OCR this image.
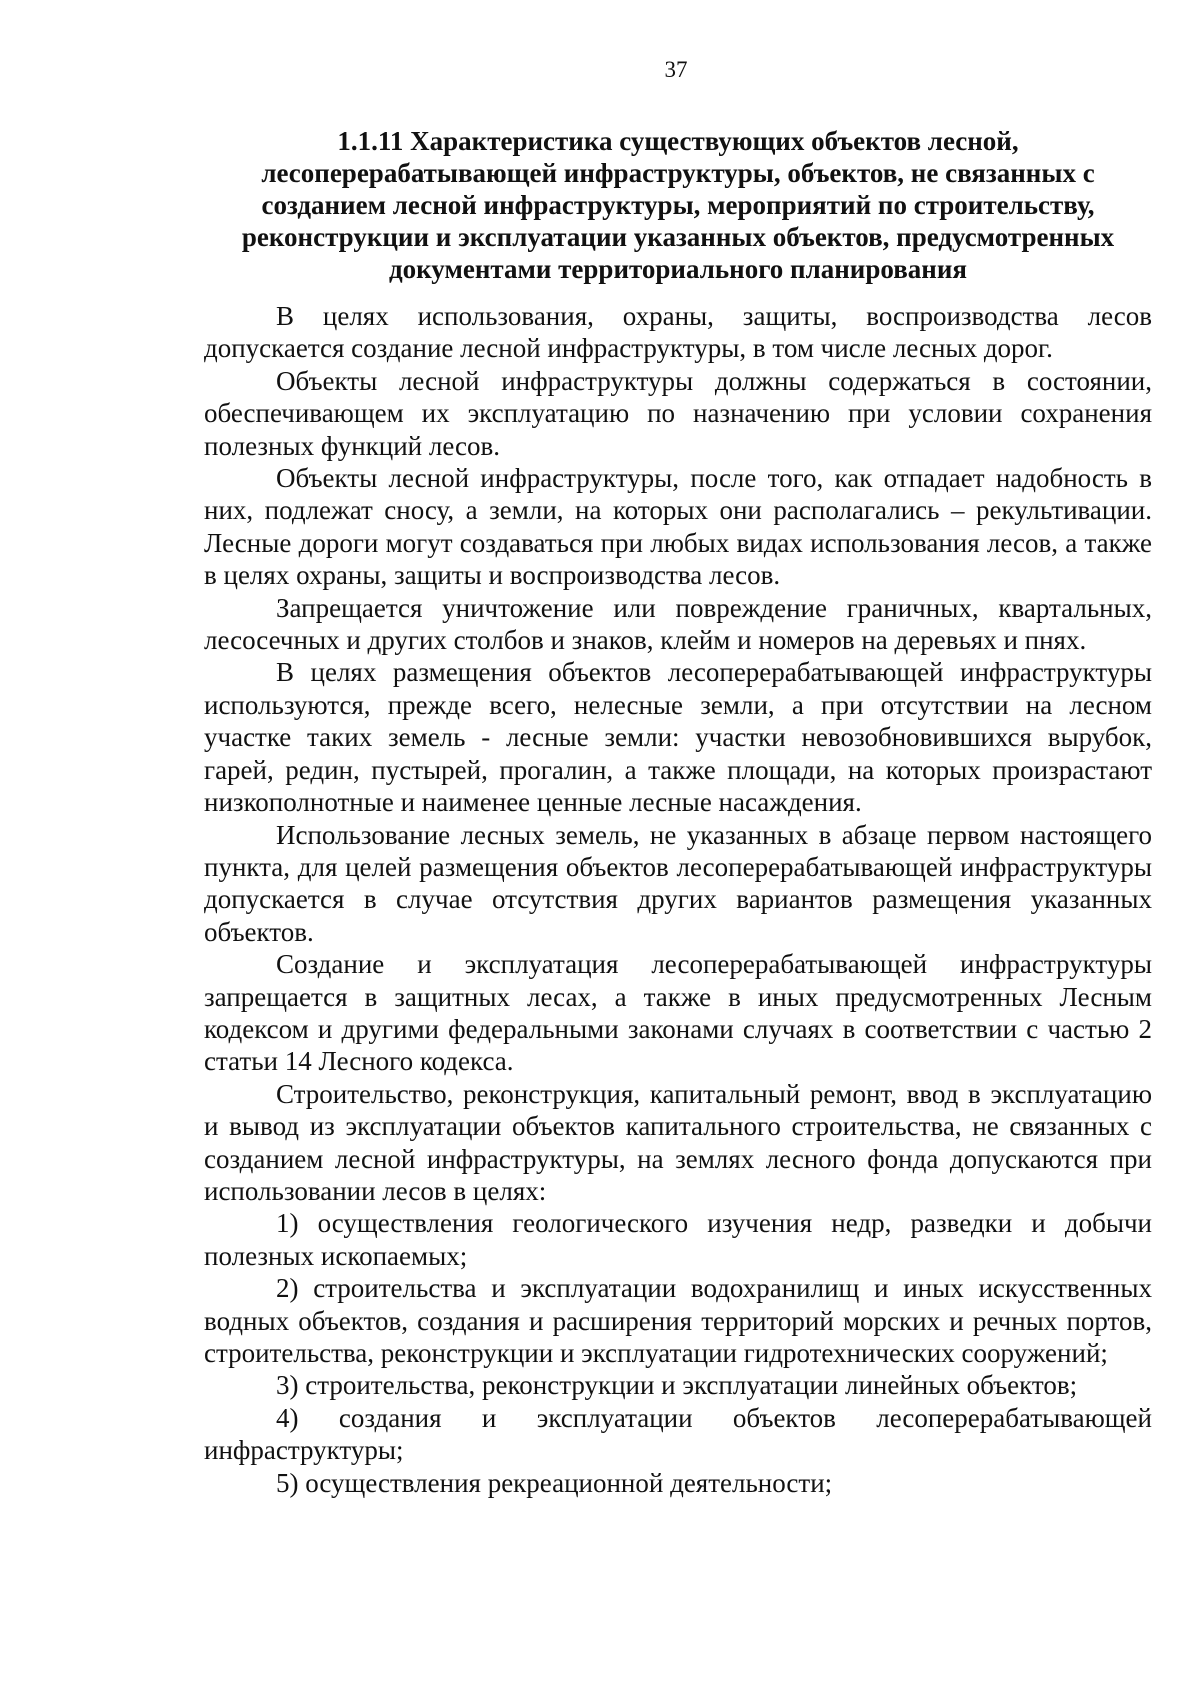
37
1.1.11 Характеристика существующих объектов лесной, лесоперерабатывающей инфраструктуры, объектов, не связанных с созданием лесной инфраструктуры, мероприятий по строительству, реконструкции и эксплуатации указанных объектов, предусмотренных документами территориального планирования

В целях использования, охраны, защиты, воспроизводства лесов допускается создание лесной инфраструктуры, в том числе лесных дорог.

Объекты лесной инфраструктуры должны содержаться в состоянии, обеспечивающем их эксплуатацию по назначению при условии сохранения полезных функций лесов.

Объекты лесной инфраструктуры, после того, как отпадает надобность в них, подлежат сносу, а земли, на которых они располагались – рекультивации. Лесные дороги могут создаваться при любых видах использования лесов, а также в целях охраны, защиты и воспроизводства лесов.

Запрещается уничтожение или повреждение граничных, квартальных, лесосечных и других столбов и знаков, клейм и номеров на деревьях и пнях.

В целях размещения объектов лесоперерабатывающей инфраструктуры используются, прежде всего, нелесные земли, а при отсутствии на лесном участке таких земель - лесные земли: участки невозобновившихся вырубок, гарей, редин, пустырей, прогалин, а также площади, на которых произрастают низкополнотные и наименее ценные лесные насаждения.

Использование лесных земель, не указанных в абзаце первом настоящего пункта, для целей размещения объектов лесоперерабатывающей инфраструктуры допускается в случае отсутствия других вариантов размещения указанных объектов.

Создание и эксплуатация лесоперерабатывающей инфраструктуры запрещается в защитных лесах, а также в иных предусмотренных Лесным кодексом и другими федеральными законами случаях в соответствии с частью 2 статьи 14 Лесного кодекса.

Строительство, реконструкция, капитальный ремонт, ввод в эксплуатацию и вывод из эксплуатации объектов капитального строительства, не связанных с созданием лесной инфраструктуры, на землях лесного фонда допускаются при использовании лесов в целях:

1) осуществления геологического изучения недр, разведки и добычи полезных ископаемых;

2) строительства и эксплуатации водохранилищ и иных искусственных водных объектов, создания и расширения территорий морских и речных портов, строительства, реконструкции и эксплуатации гидротехнических сооружений;

3) строительства, реконструкции и эксплуатации линейных объектов;

4) создания и эксплуатации объектов лесоперерабатывающей инфраструктуры;

5) осуществления рекреационной деятельности;
